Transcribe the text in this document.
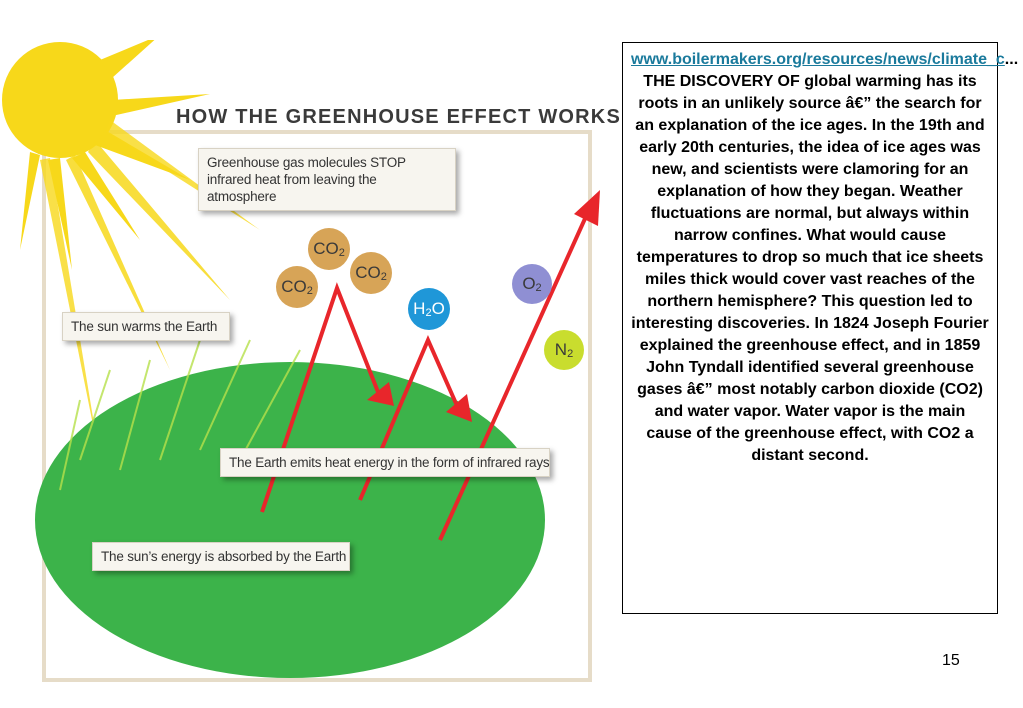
HOW THE GREENHOUSE EFFECT WORKS
Greenhouse gas molecules STOP infrared heat from leaving the atmosphere
The sun warms the Earth
The Earth emits heat energy in the form of infrared rays
The sun’s energy is absorbed by the Earth
$CO_2$
$CO_2$
$CO_2$
$H_2$ O
$O_2$
$N_2$
www.boilermakers.org/resources/news/climate_c...
THE DISCOVERY OF global warming has its roots in an unlikely source â€” the search for an explanation of the ice ages. In the 19th and early 20th centuries, the idea of ice ages was new, and scientists were clamoring for an explanation of how they began. Weather fluctuations are normal, but always within narrow confines. What would cause temperatures to drop so much that ice sheets miles thick would cover vast reaches of the northern hemisphere? This question led to interesting discoveries. In 1824 Joseph Fourier explained the greenhouse effect, and in 1859 John Tyndall identified several greenhouse gases â€” most notably carbon dioxide (CO2) and water vapor. Water vapor is the main cause of the greenhouse effect, with CO2 a distant second.
15
